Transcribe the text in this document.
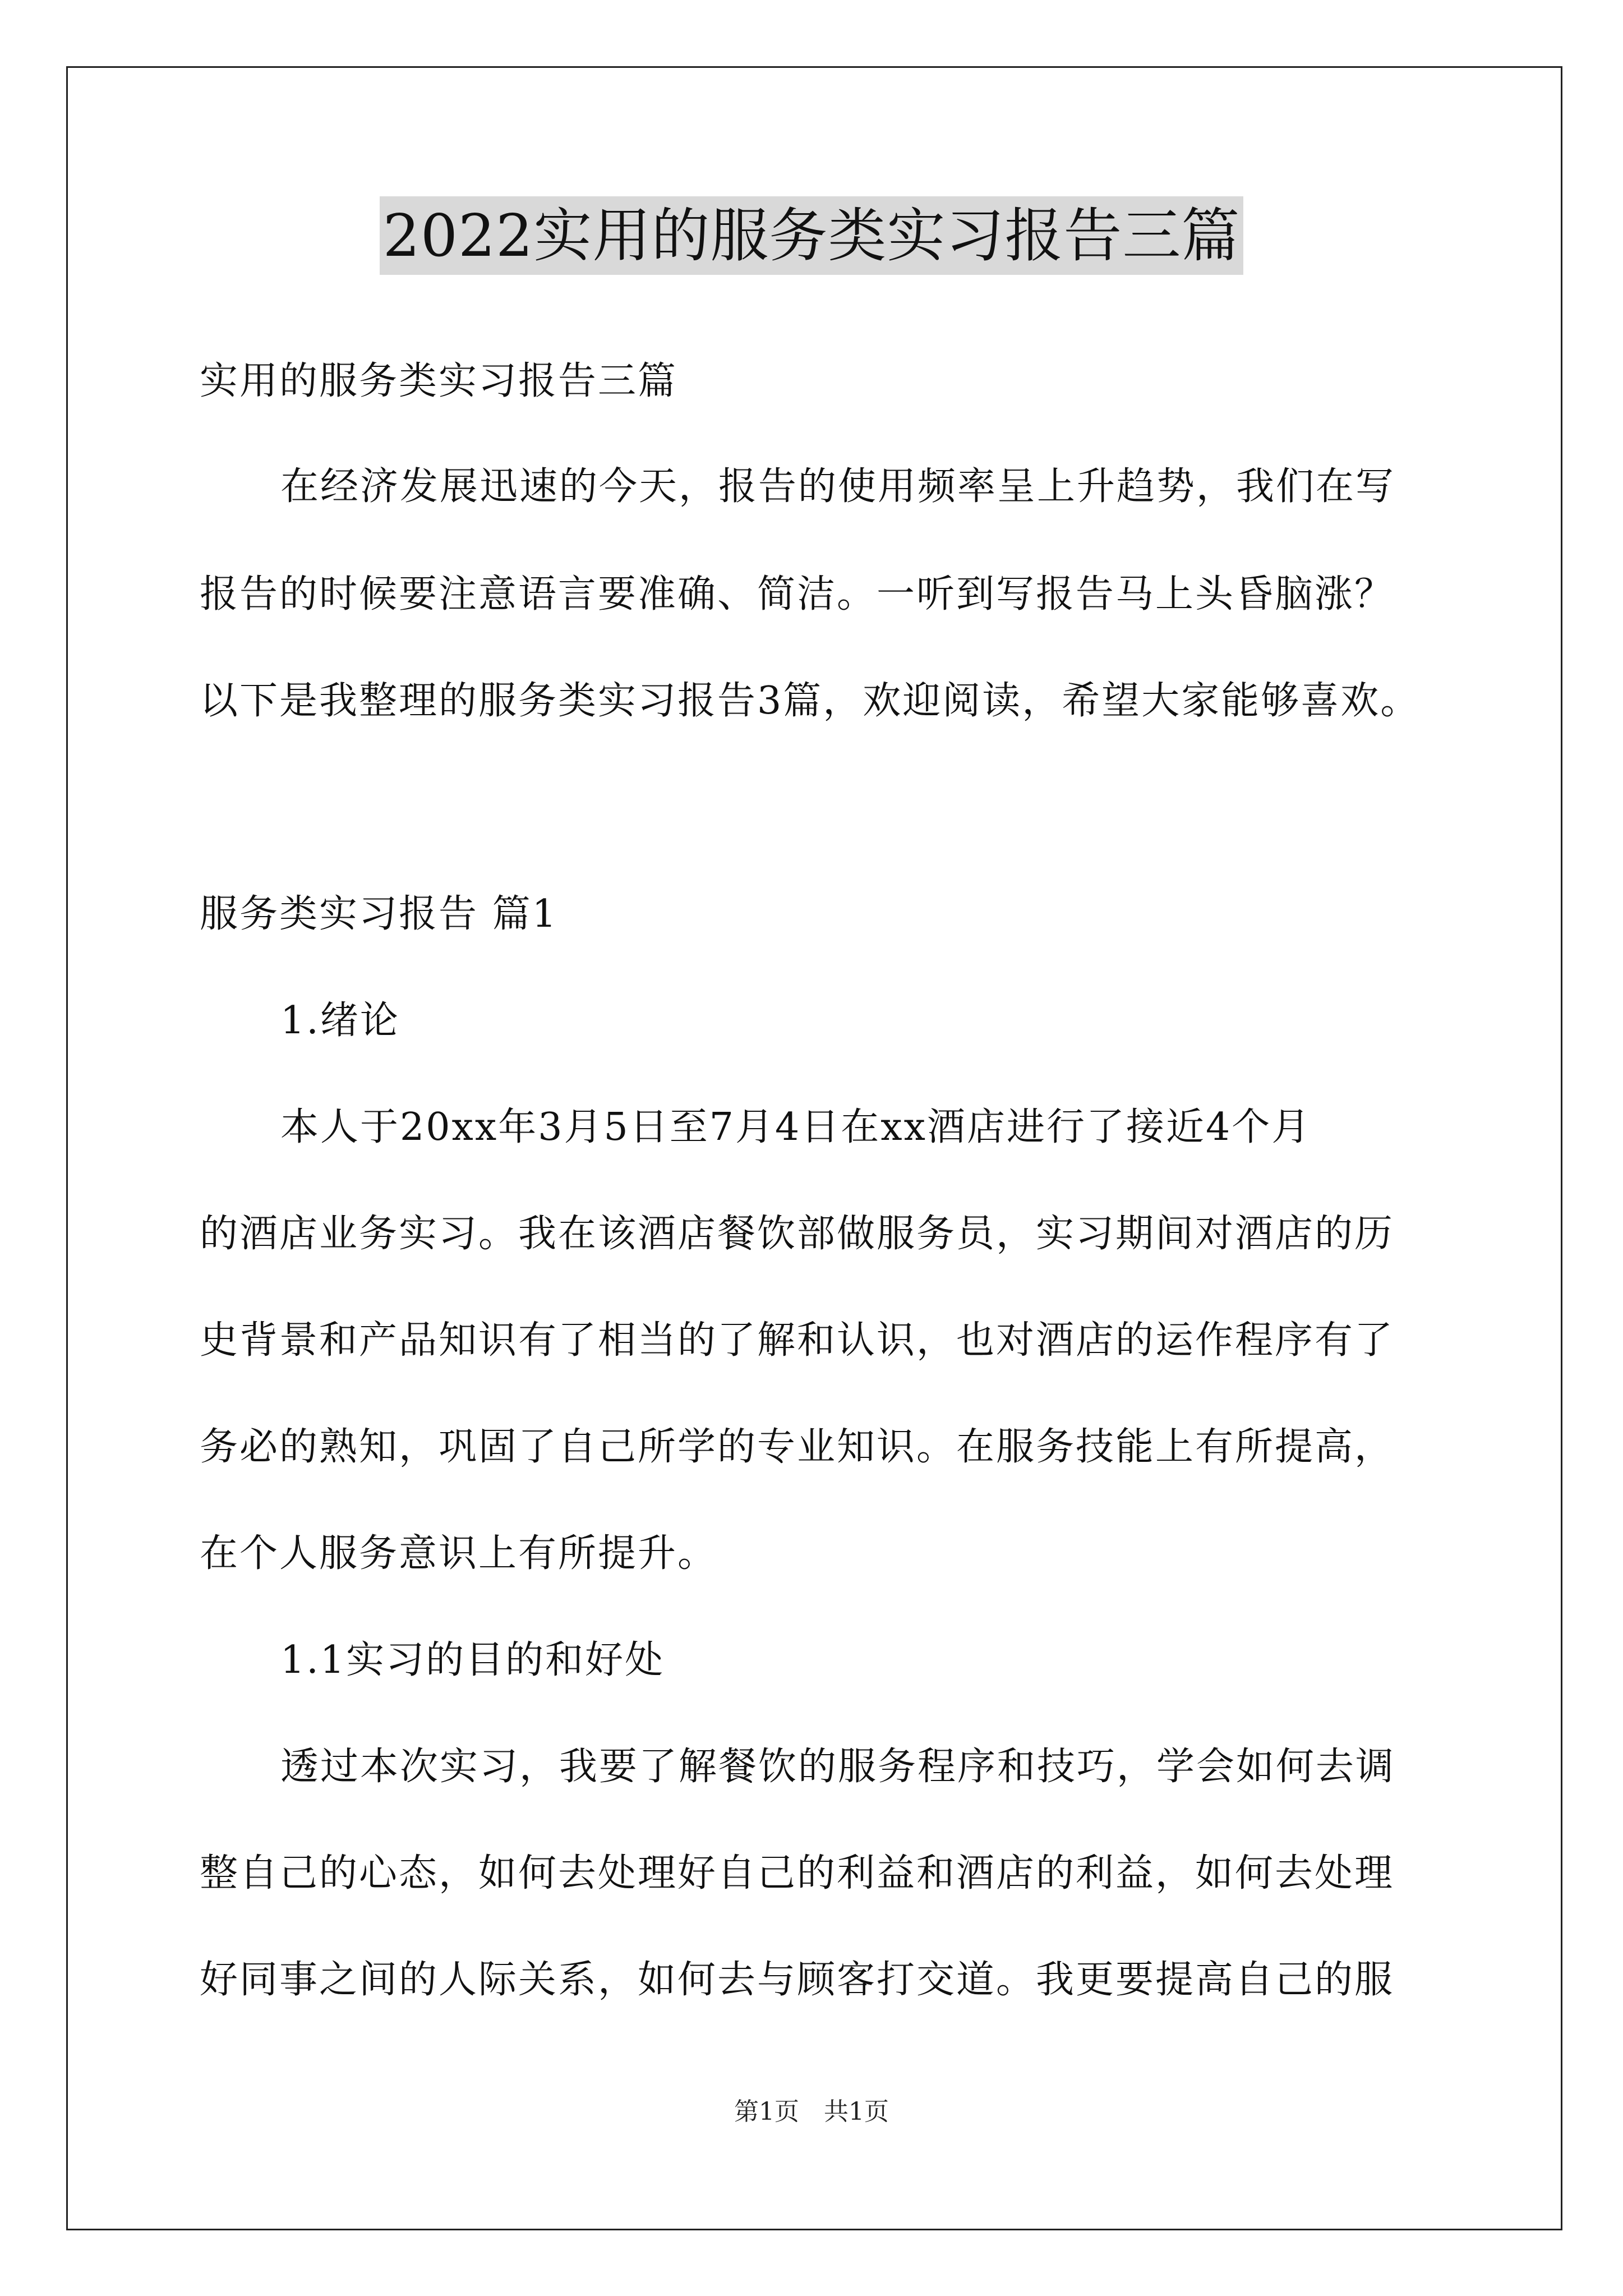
2022实用的服务类实习报告三篇
实用的服务类实习报告三篇
在经济发展迅速的今天，报告的使用频率呈上升趋势，我们在写
报告的时候要注意语言要准确、简洁。一听到写报告马上头昏脑涨？
以下是我整理的服务类实习报告3篇，欢迎阅读，希望大家能够喜欢。
服务类实习报告 篇1
1.绪论
本人于20xx年3月5日至7月4日在xx酒店进行了接近4个月
的酒店业务实习。我在该酒店餐饮部做服务员，实习期间对酒店的历
史背景和产品知识有了相当的了解和认识，也对酒店的运作程序有了
务必的熟知，巩固了自己所学的专业知识。在服务技能上有所提高，
在个人服务意识上有所提升。
1.1实习的目的和好处
透过本次实习，我要了解餐饮的服务程序和技巧，学会如何去调
整自己的心态，如何去处理好自己的利益和酒店的利益，如何去处理
好同事之间的人际关系，如何去与顾客打交道。我更要提高自己的服
第1页 共1页
